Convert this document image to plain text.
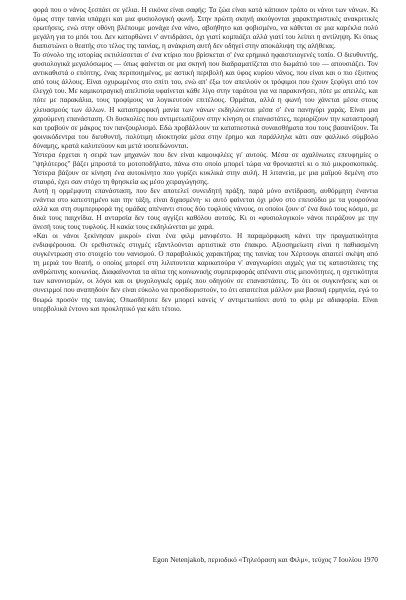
φορά που ο νάνος ξεσπάει σε γέλια. Η εικόνα είναι σαφής: Τα ζώα είναι κατά κάποιον τρόπο οι νάνοι των νάνων. Κι όμως στην ταινία υπάρχει και μια φυσιολογική φωνή. Στην πρώτη σκηνή ακούγονται χαρακτηριστικές ανακριτικές ερωτήσεις, ενώ στην οθόνη βλέπουμε μονάχα ένα νάνο, αβοήθητο και φοβισμένο, να κάθεται σε μια καρέκλα πολύ μεγάλη για το μπόι του. Δεν κατορθώνει ν' αντιδράσει, όχι γιατί κομπιάζει αλλά γιατί του λείπει η αντίληψη. Κι όπως διαπιστώνει ο θεατής στο τέλος της ταινίας, η ανάκριση αυτή δεν οδηγεί στην αποκάλυψη της αλήθειας.

Το σύνολο της ιστορίας εκτυλίσσεται σ' ένα κτίριο που βρίσκεται σ' ένα ερημικό ηφαιστειογενές τοπίο. Ο διευθυντής, φυσιολογικά μεγαλόσωμος — όπως φαίνεται σε μια σκηνή που διαδραματίζεται στο δωμάτιό του — απουσιάζει. Τον αντικαθιστά ο επόπτης, ένας περιποιημένος, με αστική περιβολή και ύφος κυρίου νάνος, που είναι και ο πιο έξυπνος από τους άλλους. Είναι οχυρωμένος στο σπίτι του, ενώ απ' έξω τον απειλούν οι τρόφιμοι που έχουν ξεφύγει από τον έλεγχό του. Με καμικοτραγική απελπισία υφαίνεται κάθε λίγο στην ταράτσα για να παρακινήσει, πότε με απειλές, και πότε με παρακάλια, τους τροφίμους να λογικευτούν επιτέλους. Ορμάται, αλλά η φωνή του χάνεται μέσα στους χλευασμούς των άλλων. Η καταστροφική μανία των νάνων εκδηλώνεται μέσα σ' ένα πανηγύρι χαράς. Είναι μια χαρούμενη επανάσταση. Οι δυσκολίες που αντιμετωπίζουν στην κίνηση οι επαναστάτες, περιορίζουν την καταστροφή και τραβούν σε μάκρος τον πανζουρλισμό. Εδώ προβάλλουν τα καταπιεστικά συναισθήματα που τους βασανίζουν. Τα φοινικόδεντρα του διευθυντή, πολύτιμη ιδιοκτησία μέσα στην έρημο και παράλληλα κάτι σαν φαλλικό σύμβολο δύναμης, κρατά καλυτεύουν και μετά ισοπεδώνονται.

Ύστερα έρχεται η σειρά των μηχανών που δεν είναι καμουφλέες γι' αυτούς. Μέσα σε αχαλίνωτες επευφημίες ο "ψηλότερος" βάζει μπροστά το μοτοποδήλατο, πάνω στο οποίο μπορεί τώρα να θρονιαστεί κι ο πιό μικροσκοπικός. Ύστερα βάζουν σε κίνηση ένα αυτοκίνητο που γυρίζει κυκλικά στην αυλή. Η λιτανεία, με μια μαϊμού δεμένη στο σταυρό, έχει σαν στόχο τη θρησκεία ως μέσο χειραγώγησης.

Αυτή η ορμέμφυτη επανάσταση, που δεν αποτελεί συνειδητή πράξη, παρά μόνο αντίδραση, αυθόρμητη έναντια ενάντια στο κατεστημένο και την τάξη, είναι διχασμένη· κι αυτό φαίνεται όχι μόνο στο επεισόδιο με τα γουρούνια αλλά και στη συμπεριφορά της ομάδας απέναντι στους δύο τυφλούς νάνους, οι οποίοι ζουν σ' ένα δικό τους κόσμο, με δικά τους παιχνίδια. Η ανταρσία δεν τους αγγίζει καθόλου αυτούς. Κι οι «φυσιολογικοί» νάνοι πειράζουν με την άνεσή τους τους τυφλούς. Η κακία τους εκδηλώνεται με χαρά.

«Και οι νάνοι ξεκίνησαν μικροί» είναι ένα φιλμ μανιφέστο. Η παραμόρφωση κάνει την πραγματικότητα ενδιαφέρουσα. Οι ερεθιστικές στιγμές εξαντλούνται αρτιστικά στο έπακρο. Αξιοσημείωτη είναι η παθιασμένη συγκέντρωση στο στοιχείο του νανισμού. Ο παραβολικός χαρακτήρας της ταινίας του Χέρτσογκ απαιτεί σκέψη από τη μεριά του θεατή, ο οποίος μπορεί στη λιλιπουτεια καρικατούρα ν' αναγνωρίσει αιχμές για τις καταστάσεις της ανθρώπινης κοινωνίας. Διαφαίνονται τα αίτια της κοινωνικής συμπεριφοράς απέναντι στις μειονότητες, η σχετικότητα των κανονισμών, οι λόγοι και οι ψυχολογικές ορμές που οδηγούν σε επαναστάσεις. Το ότι οι συγκινήσεις και οι συνειρμοί που αναπηδούν δεν είναι εύκολο να προσδιοριστούν, το ότι απαιτείται μάλλον μια βασική ερμηνεία, εγώ το θεωρώ προσόν της ταινίας. Οπωσδήποτε δεν μπορεί κανείς ν' αντιμετωπίσει αυτό το φιλμ με αδιαφορία. Είναι υπερβολικά έντονο και προκλητικό για κάτι τέτοιο.

Egon Netenjakob, περιοδικό «Τηλεόραση και Φιλμ», τεύχος 7 Ιουλίου 1970
